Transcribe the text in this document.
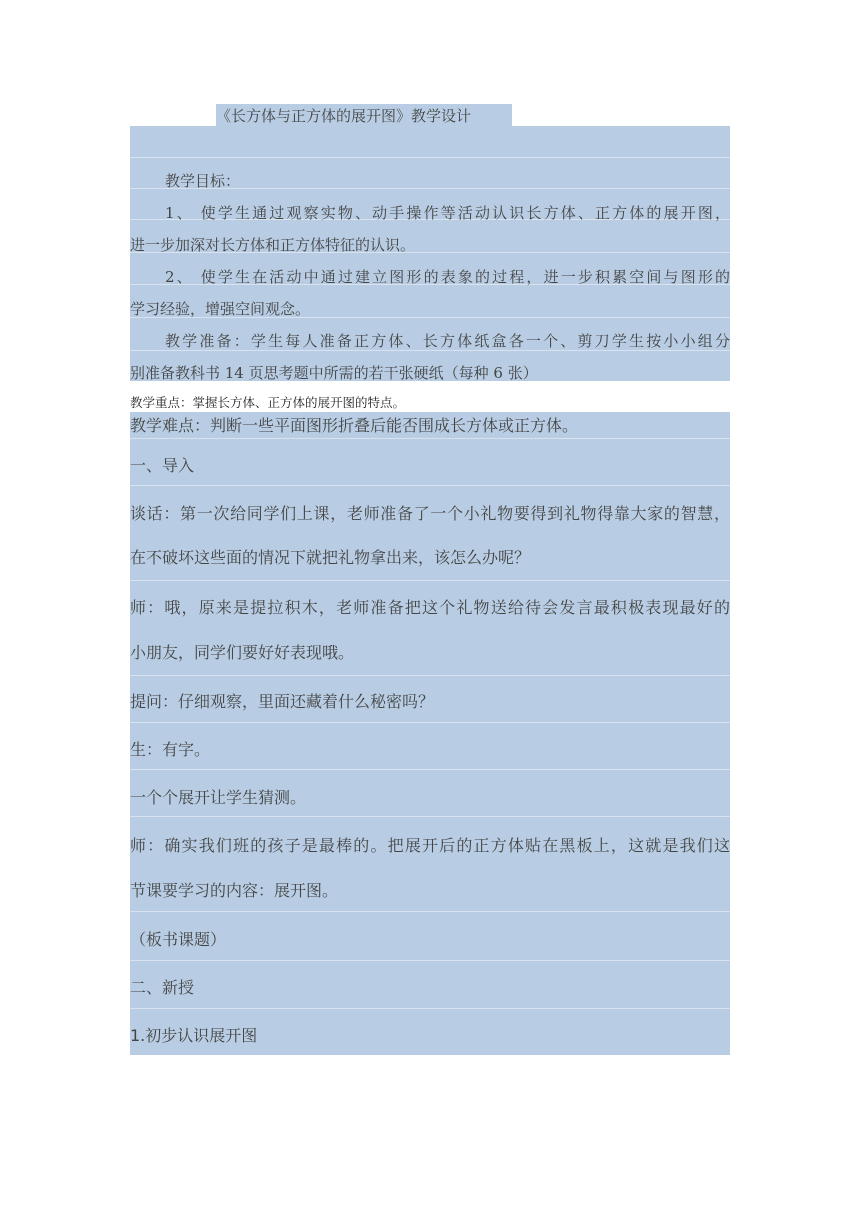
《长方体与正方体的展开图》教学设计
教学目标：
1、 使学生通过观察实物、动手操作等活动认识长方体、正方体的展开图，
进一步加深对长方体和正方体特征的认识。
2、 使学生在活动中通过建立图形的表象的过程，进一步积累空间与图形的
学习经验，增强空间观念。
教学准备：学生每人准备正方体、长方体纸盒各一个、剪刀学生按小小组分
别准备教科书 14 页思考题中所需的若干张硬纸（每种 6 张）
教学重点：掌握长方体、正方体的展开图的特点。
教学难点：判断一些平面图形折叠后能否围成长方体或正方体。
一、导入
谈话：第一次给同学们上课，老师准备了一个小礼物要得到礼物得靠大家的智慧，
在不破坏这些面的情况下就把礼物拿出来，该怎么办呢？
师：哦，原来是提拉积木，老师准备把这个礼物送给待会发言最积极表现最好的
小朋友，同学们要好好表现哦。
提问：仔细观察，里面还藏着什么秘密吗？
生：有字。
一个个展开让学生猜测。
师：确实我们班的孩子是最棒的。把展开后的正方体贴在黑板上，这就是我们这
节课要学习的内容：展开图。
（板书课题）
二、新授
1.初步认识展开图
